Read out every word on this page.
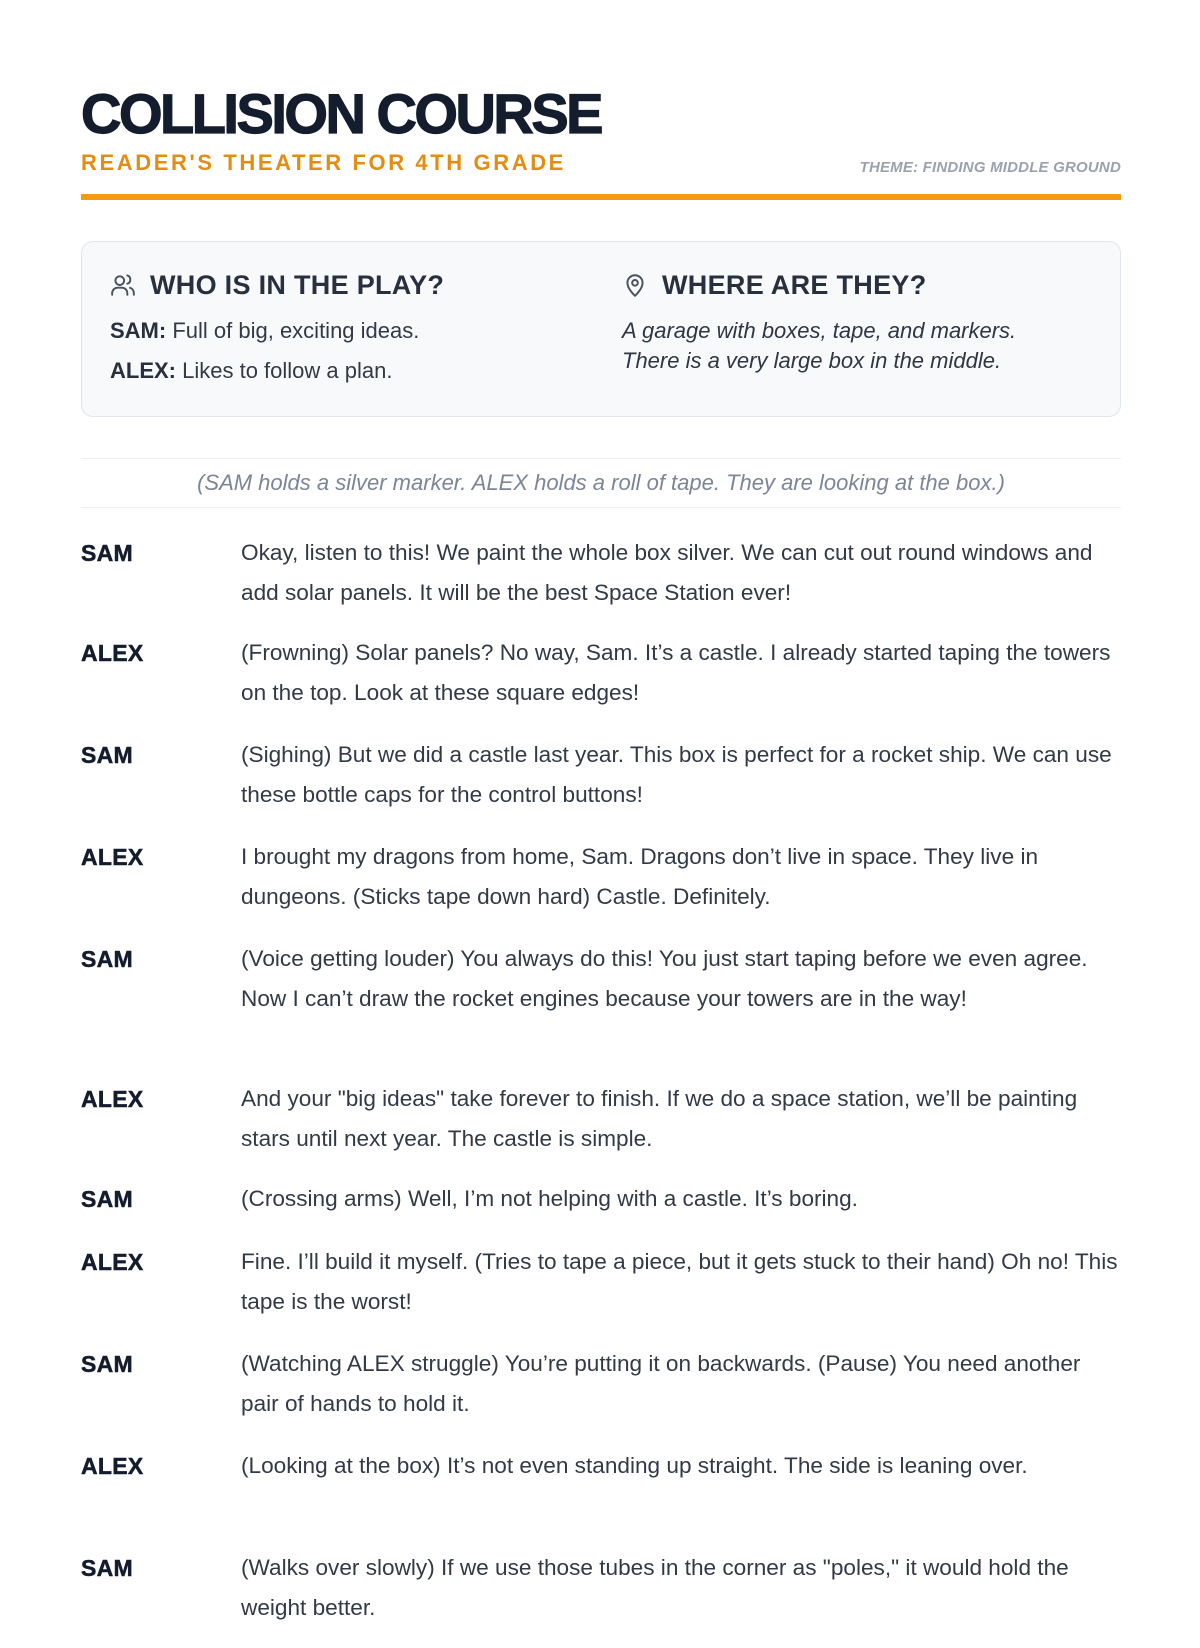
COLLISION COURSE
READER'S THEATER FOR 4TH GRADE	THEME: FINDING MIDDLE GROUND
WHO IS IN THE PLAY?
SAM: Full of big, exciting ideas.
ALEX: Likes to follow a plan.
WHERE ARE THEY?
A garage with boxes, tape, and markers.
There is a very large box in the middle.
(SAM holds a silver marker. ALEX holds a roll of tape. They are looking at the box.)
SAM	Okay, listen to this! We paint the whole box silver. We can cut out round windows and add solar panels. It will be the best Space Station ever!
ALEX	(Frowning) Solar panels? No way, Sam. It’s a castle. I already started taping the towers on the top. Look at these square edges!
SAM	(Sighing) But we did a castle last year. This box is perfect for a rocket ship. We can use these bottle caps for the control buttons!
ALEX	I brought my dragons from home, Sam. Dragons don’t live in space. They live in dungeons. (Sticks tape down hard) Castle. Definitely.
SAM	(Voice getting louder) You always do this! You just start taping before we even agree. Now I can’t draw the rocket engines because your towers are in the way!
ALEX	And your "big ideas" take forever to finish. If we do a space station, we’ll be painting stars until next year. The castle is simple.
SAM	(Crossing arms) Well, I’m not helping with a castle. It’s boring.
ALEX	Fine. I’ll build it myself. (Tries to tape a piece, but it gets stuck to their hand) Oh no! This tape is the worst!
SAM	(Watching ALEX struggle) You’re putting it on backwards. (Pause) You need another pair of hands to hold it.
ALEX	(Looking at the box) It’s not even standing up straight. The side is leaning over.
SAM	(Walks over slowly) If we use those tubes in the corner as "poles," it would hold the weight better.
